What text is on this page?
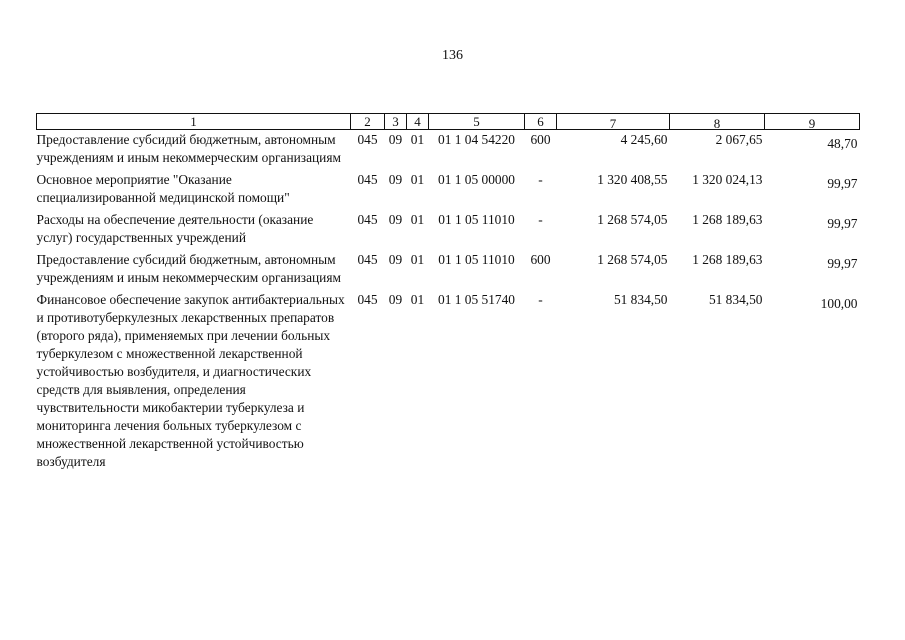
136
1	2	3	4	5	6	7	8	9
Предоставление субсидий бюджетным, автономным учреждениям и иным некоммерческим организациям	045	09	01	01 1 04 54220	600	4 245,60	2 067,65	48,70
Основное мероприятие "Оказание специализированной медицинской помощи"	045	09	01	01 1 05 00000	-	1 320 408,55	1 320 024,13	99,97
Расходы на обеспечение деятельности (оказание услуг) государственных учреждений	045	09	01	01 1 05 11010	-	1 268 574,05	1 268 189,63	99,97
Предоставление субсидий бюджетным, автономным учреждениям и иным некоммерческим организациям	045	09	01	01 1 05 11010	600	1 268 574,05	1 268 189,63	99,97
Финансовое обеспечение закупок антибактериальных и противотуберкулезных лекарственных препаратов (второго ряда), применяемых при лечении больных туберкулезом с множественной лекарственной устойчивостью возбудителя, и диагностических средств для выявления, определения чувствительности микобактерии туберкулеза и мониторинга лечения больных туберкулезом с множественной лекарственной устойчивостью возбудителя	045	09	01	01 1 05 51740	-	51 834,50	51 834,50	100,00
